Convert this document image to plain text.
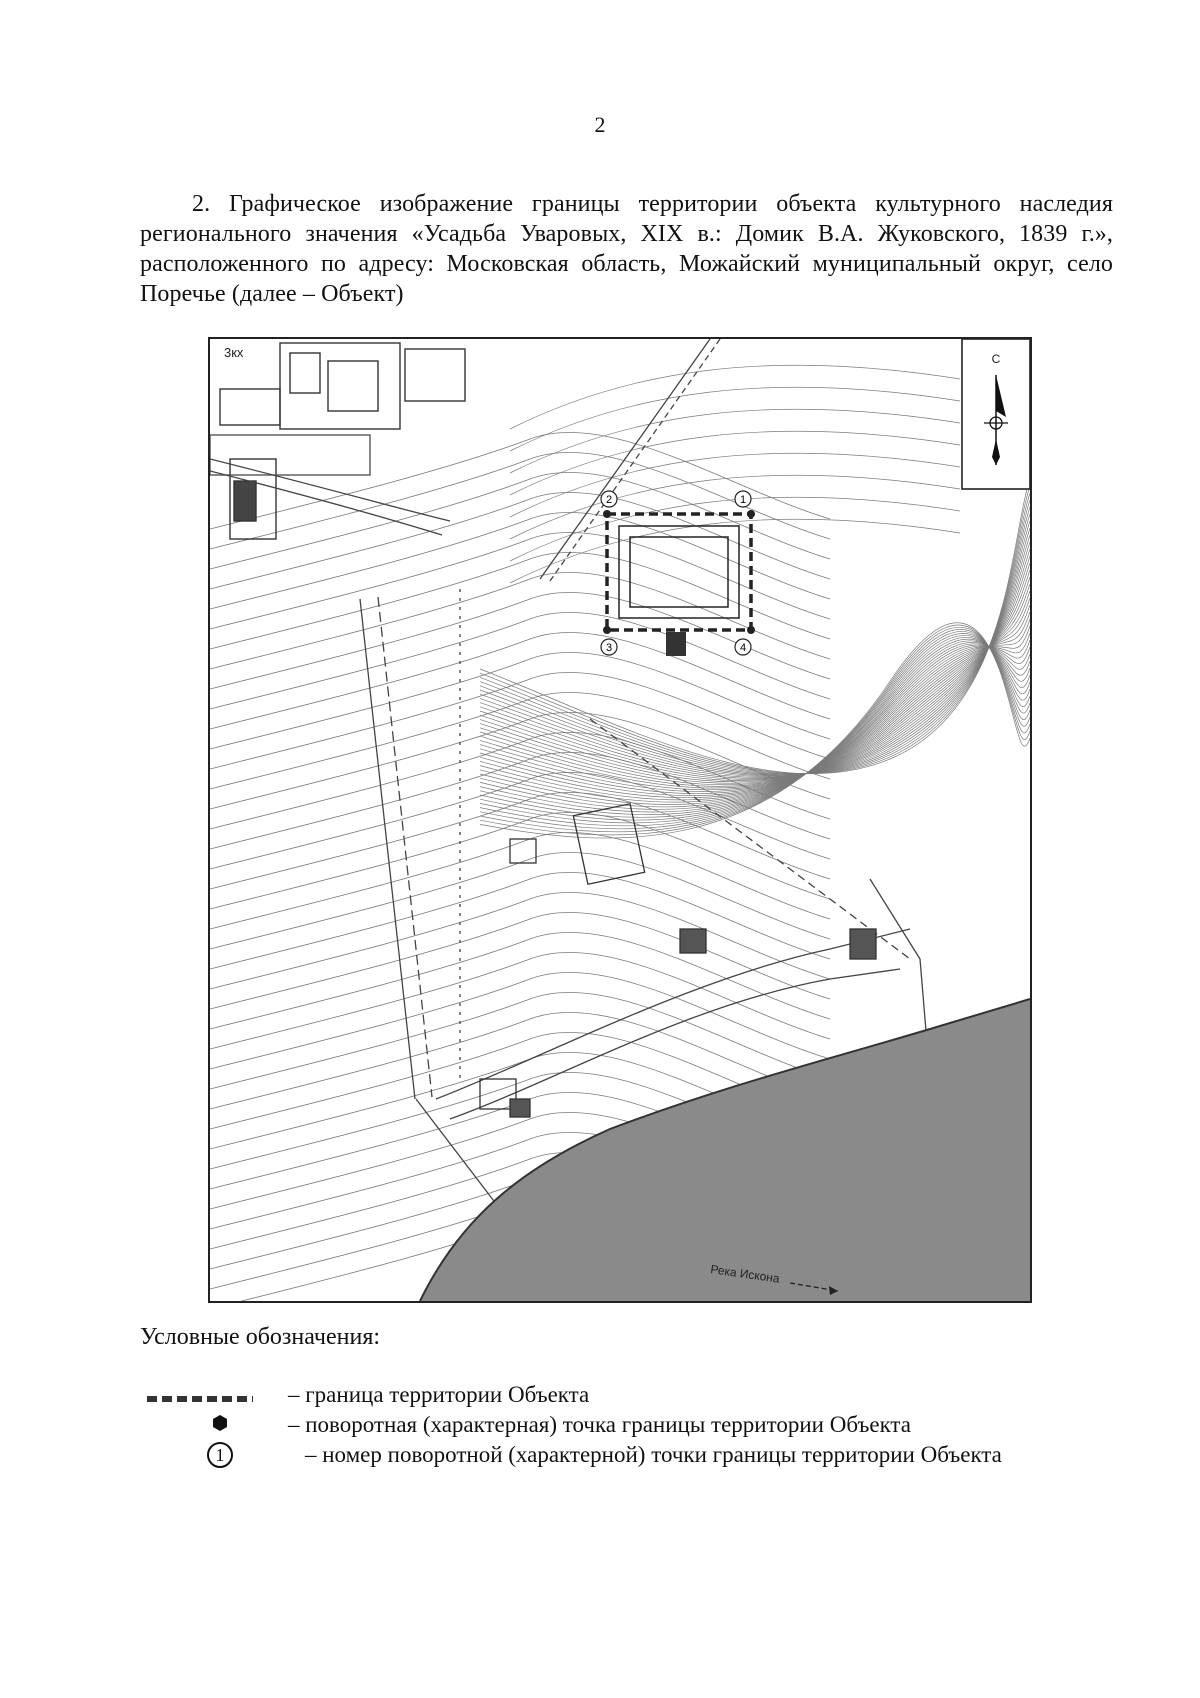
2

2. Графическое изображение границы территории объекта культурного наследия регионального значения «Усадьба Уваровых, XIX в.: Домик В.А. Жуковского, 1839 г.», расположенного по адресу: Московская область, Можайский муниципальный округ, село Поречье (далее – Объект)

2	1
3	4
Река Искона
3кх	С
Условные обозначения:
– граница территории Объекта
– поворотная (характерная) точка границы территории Объекта
1	– номер поворотной (характерной) точки границы территории Объекта
